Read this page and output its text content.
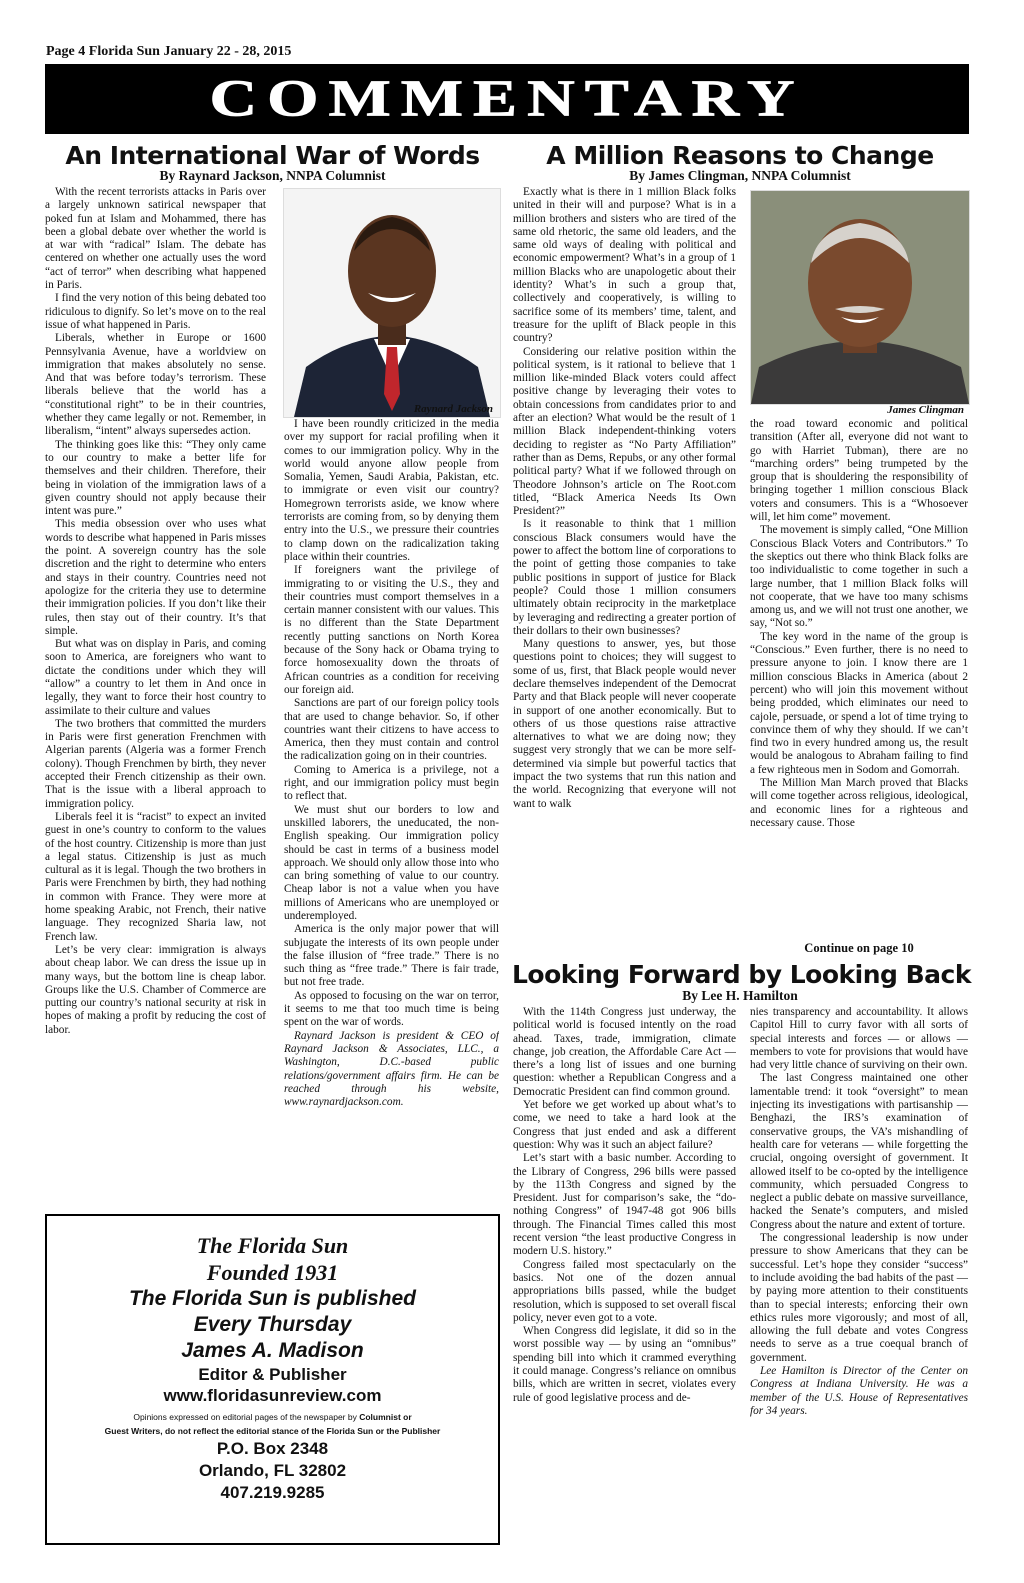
Page 4 Florida Sun January 22 - 28, 2015
COMMENTARY
An International War of Words
By Raynard Jackson, NNPA Columnist

With the recent terrorists attacks in Paris over a largely unknown satirical newspaper that poked fun at Islam and Mohammed, there has been a global debate over whether the world is at war with “radical” Islam. The debate has centered on whether one actually uses the word “act of terror” when describing what happened in Paris.

I find the very notion of this being debated too ridiculous to dignify. So let’s move on to the real issue of what happened in Paris.

Liberals, whether in Europe or 1600 Pennsylvania Avenue, have a worldview on immigration that makes absolutely no sense. And that was before today’s terrorism. These liberals believe that the world has a “constitutional right” to be in their countries, whether they came legally or not. Remember, in liberalism, “intent” always supersedes action.

The thinking goes like this: “They only came to our country to make a better life for themselves and their children. Therefore, their being in violation of the immigration laws of a given country should not apply because their intent was pure.”

This media obsession over who uses what words to describe what happened in Paris misses the point. A sovereign country has the sole discretion and the right to determine who enters and stays in their country. Countries need not apologize for the criteria they use to determine their immigration policies. If you don’t like their rules, then stay out of their country. It’s that simple.

But what was on display in Paris, and coming soon to America, are foreigners who want to dictate the conditions under which they will “allow” a country to let them in And once in legally, they want to force their host country to assimilate to their culture and values

The two brothers that committed the murders in Paris were first generation Frenchmen with Algerian parents (Algeria was a former French colony). Though Frenchmen by birth, they never accepted their French citizenship as their own. That is the issue with a liberal approach to immigration policy.

Liberals feel it is “racist” to expect an invited guest in one’s country to conform to the values of the host country. Citizenship is more than just a legal status. Citizenship is just as much cultural as it is legal. Though the two brothers in Paris were Frenchmen by birth, they had nothing in common with France. They were more at home speaking Arabic, not French, their native language. They recognized Sharia law, not French law.

Let’s be very clear: immigration is always about cheap labor. We can dress the issue up in many ways, but the bottom line is cheap labor. Groups like the U.S. Chamber of Commerce are putting our country’s national security at risk in hopes of making a profit by reducing the cost of labor.

Raynard Jackson

I have been roundly criticized in the media over my support for racial profiling when it comes to our immigration policy. Why in the world would anyone allow people from Somalia, Yemen, Saudi Arabia, Pakistan, etc. to immigrate or even visit our country? Homegrown terrorists aside, we know where terrorists are coming from, so by denying them entry into the U.S., we pressure their countries to clamp down on the radicalization taking place within their countries.

If foreigners want the privilege of immigrating to or visiting the U.S., they and their countries must comport themselves in a certain manner consistent with our values. This is no different than the State Department recently putting sanctions on North Korea because of the Sony hack or Obama trying to force homosexuality down the throats of African countries as a condition for receiving our foreign aid.

Sanctions are part of our foreign policy tools that are used to change behavior. So, if other countries want their citizens to have access to America, then they must contain and control the radicalization going on in their countries.

Coming to America is a privilege, not a right, and our immigration policy must begin to reflect that.

We must shut our borders to low and unskilled laborers, the uneducated, the non-English speaking. Our immigration policy should be cast in terms of a business model approach. We should only allow those into who can bring something of value to our country. Cheap labor is not a value when you have millions of Americans who are unemployed or underemployed.

America is the only major power that will subjugate the interests of its own people under the false illusion of “free trade.” There is no such thing as “free trade.” There is fair trade, but not free trade.

As opposed to focusing on the war on terror, it seems to me that too much time is being spent on the war of words.

Raynard Jackson is president & CEO of Raynard Jackson & Associates, LLC., a Washington, D.C.-based public relations/government affairs firm. He can be reached through his website, www.raynardjackson.com.

A Million Reasons to Change
By James Clingman, NNPA Columnist

Exactly what is there in 1 million Black folks united in their will and purpose? What is in a million brothers and sisters who are tired of the same old rhetoric, the same old leaders, and the same old ways of dealing with political and economic empowerment? What’s in a group of 1 million Blacks who are unapologetic about their identity? What’s in such a group that, collectively and cooperatively, is willing to sacrifice some of its members’ time, talent, and treasure for the uplift of Black people in this country?

Considering our relative position within the political system, is it rational to believe that 1 million like-minded Black voters could affect positive change by leveraging their votes to obtain concessions from candidates prior to and after an election? What would be the result of 1 million Black independent-thinking voters deciding to register as “No Party Affiliation” rather than as Dems, Repubs, or any other formal political party? What if we followed through on Theodore Johnson’s article on The Root.com titled, “Black America Needs Its Own President?”

Is it reasonable to think that 1 million conscious Black consumers would have the power to affect the bottom line of corporations to the point of getting those companies to take public positions in support of justice for Black people? Could those 1 million consumers ultimately obtain reciprocity in the marketplace by leveraging and redirecting a greater portion of their dollars to their own businesses?

Many questions to answer, yes, but those questions point to choices; they will suggest to some of us, first, that Black people would never declare themselves independent of the Democrat Party and that Black people will never cooperate in support of one another economically. But to others of us those questions raise attractive alternatives to what we are doing now; they suggest very strongly that we can be more self-determined via simple but powerful tactics that impact the two systems that run this nation and the world. Recognizing that everyone will not want to walk

James Clingman

the road toward economic and political transition (After all, everyone did not want to go with Harriet Tubman), there are no “marching orders” being trumpeted by the group that is shouldering the responsibility of bringing together 1 million conscious Black voters and consumers. This is a “Whosoever will, let him come” movement.

The movement is simply called, “One Million Conscious Black Voters and Contributors.” To the skeptics out there who think Black folks are too individualistic to come together in such a large number, that 1 million Black folks will not cooperate, that we have too many schisms among us, and we will not trust one another, we say, “Not so.”

The key word in the name of the group is “Conscious.” Even further, there is no need to pressure anyone to join. I know there are 1 million conscious Blacks in America (about 2 percent) who will join this movement without being prodded, which eliminates our need to cajole, persuade, or spend a lot of time trying to convince them of why they should. If we can’t find two in every hundred among us, the result would be analogous to Abraham failing to find a few righteous men in Sodom and Gomorrah.

The Million Man March proved that Blacks will come together across religious, ideological, and economic lines for a righteous and necessary cause. Those

Continue on page 10
Looking Forward by Looking Back
By Lee H. Hamilton

With the 114th Congress just underway, the political world is focused intently on the road ahead. Taxes, trade, immigration, climate change, job creation, the Affordable Care Act — there’s a long list of issues and one burning question: whether a Republican Congress and a Democratic President can find common ground.

Yet before we get worked up about what’s to come, we need to take a hard look at the Congress that just ended and ask a different question: Why was it such an abject failure?

Let’s start with a basic number. According to the Library of Congress, 296 bills were passed by the 113th Congress and signed by the President. Just for comparison’s sake, the “do-nothing Congress” of 1947-48 got 906 bills through. The Financial Times called this most recent version “the least productive Congress in modern U.S. history.”

Congress failed most spectacularly on the basics. Not one of the dozen annual appropriations bills passed, while the budget resolution, which is supposed to set overall fiscal policy, never even got to a vote.

When Congress did legislate, it did so in the worst possible way — by using an “omnibus” spending bill into which it crammed everything it could manage. Congress’s reliance on omnibus bills, which are written in secret, violates every rule of good legislative process and de-

nies transparency and accountability. It allows Capitol Hill to curry favor with all sorts of special interests and forces — or allows — members to vote for provisions that would have had very little chance of surviving on their own.

The last Congress maintained one other lamentable trend: it took “oversight” to mean injecting its investigations with partisanship — Benghazi, the IRS’s examination of conservative groups, the VA’s mishandling of health care for veterans — while forgetting the crucial, ongoing oversight of government. It allowed itself to be co-opted by the intelligence community, which persuaded Congress to neglect a public debate on massive surveillance, hacked the Senate’s computers, and misled Congress about the nature and extent of torture.

The congressional leadership is now under pressure to show Americans that they can be successful. Let’s hope they consider “success” to include avoiding the bad habits of the past — by paying more attention to their constituents than to special interests; enforcing their own ethics rules more vigorously; and most of all, allowing the full debate and votes Congress needs to serve as a true coequal branch of government.

Lee Hamilton is Director of the Center on Congress at Indiana University. He was a member of the U.S. House of Representatives for 34 years.

The Florida Sun
Founded 1931
The Florida Sun is published
Every Thursday
James A. Madison
Editor & Publisher
www.floridasunreview.com
Opinions expressed on editorial pages of the newspaper by Columnist or
Guest Writers, do not reflect the editorial stance of the Florida Sun or the Publisher
P.O. Box 2348
Orlando, FL 32802
407.219.9285
